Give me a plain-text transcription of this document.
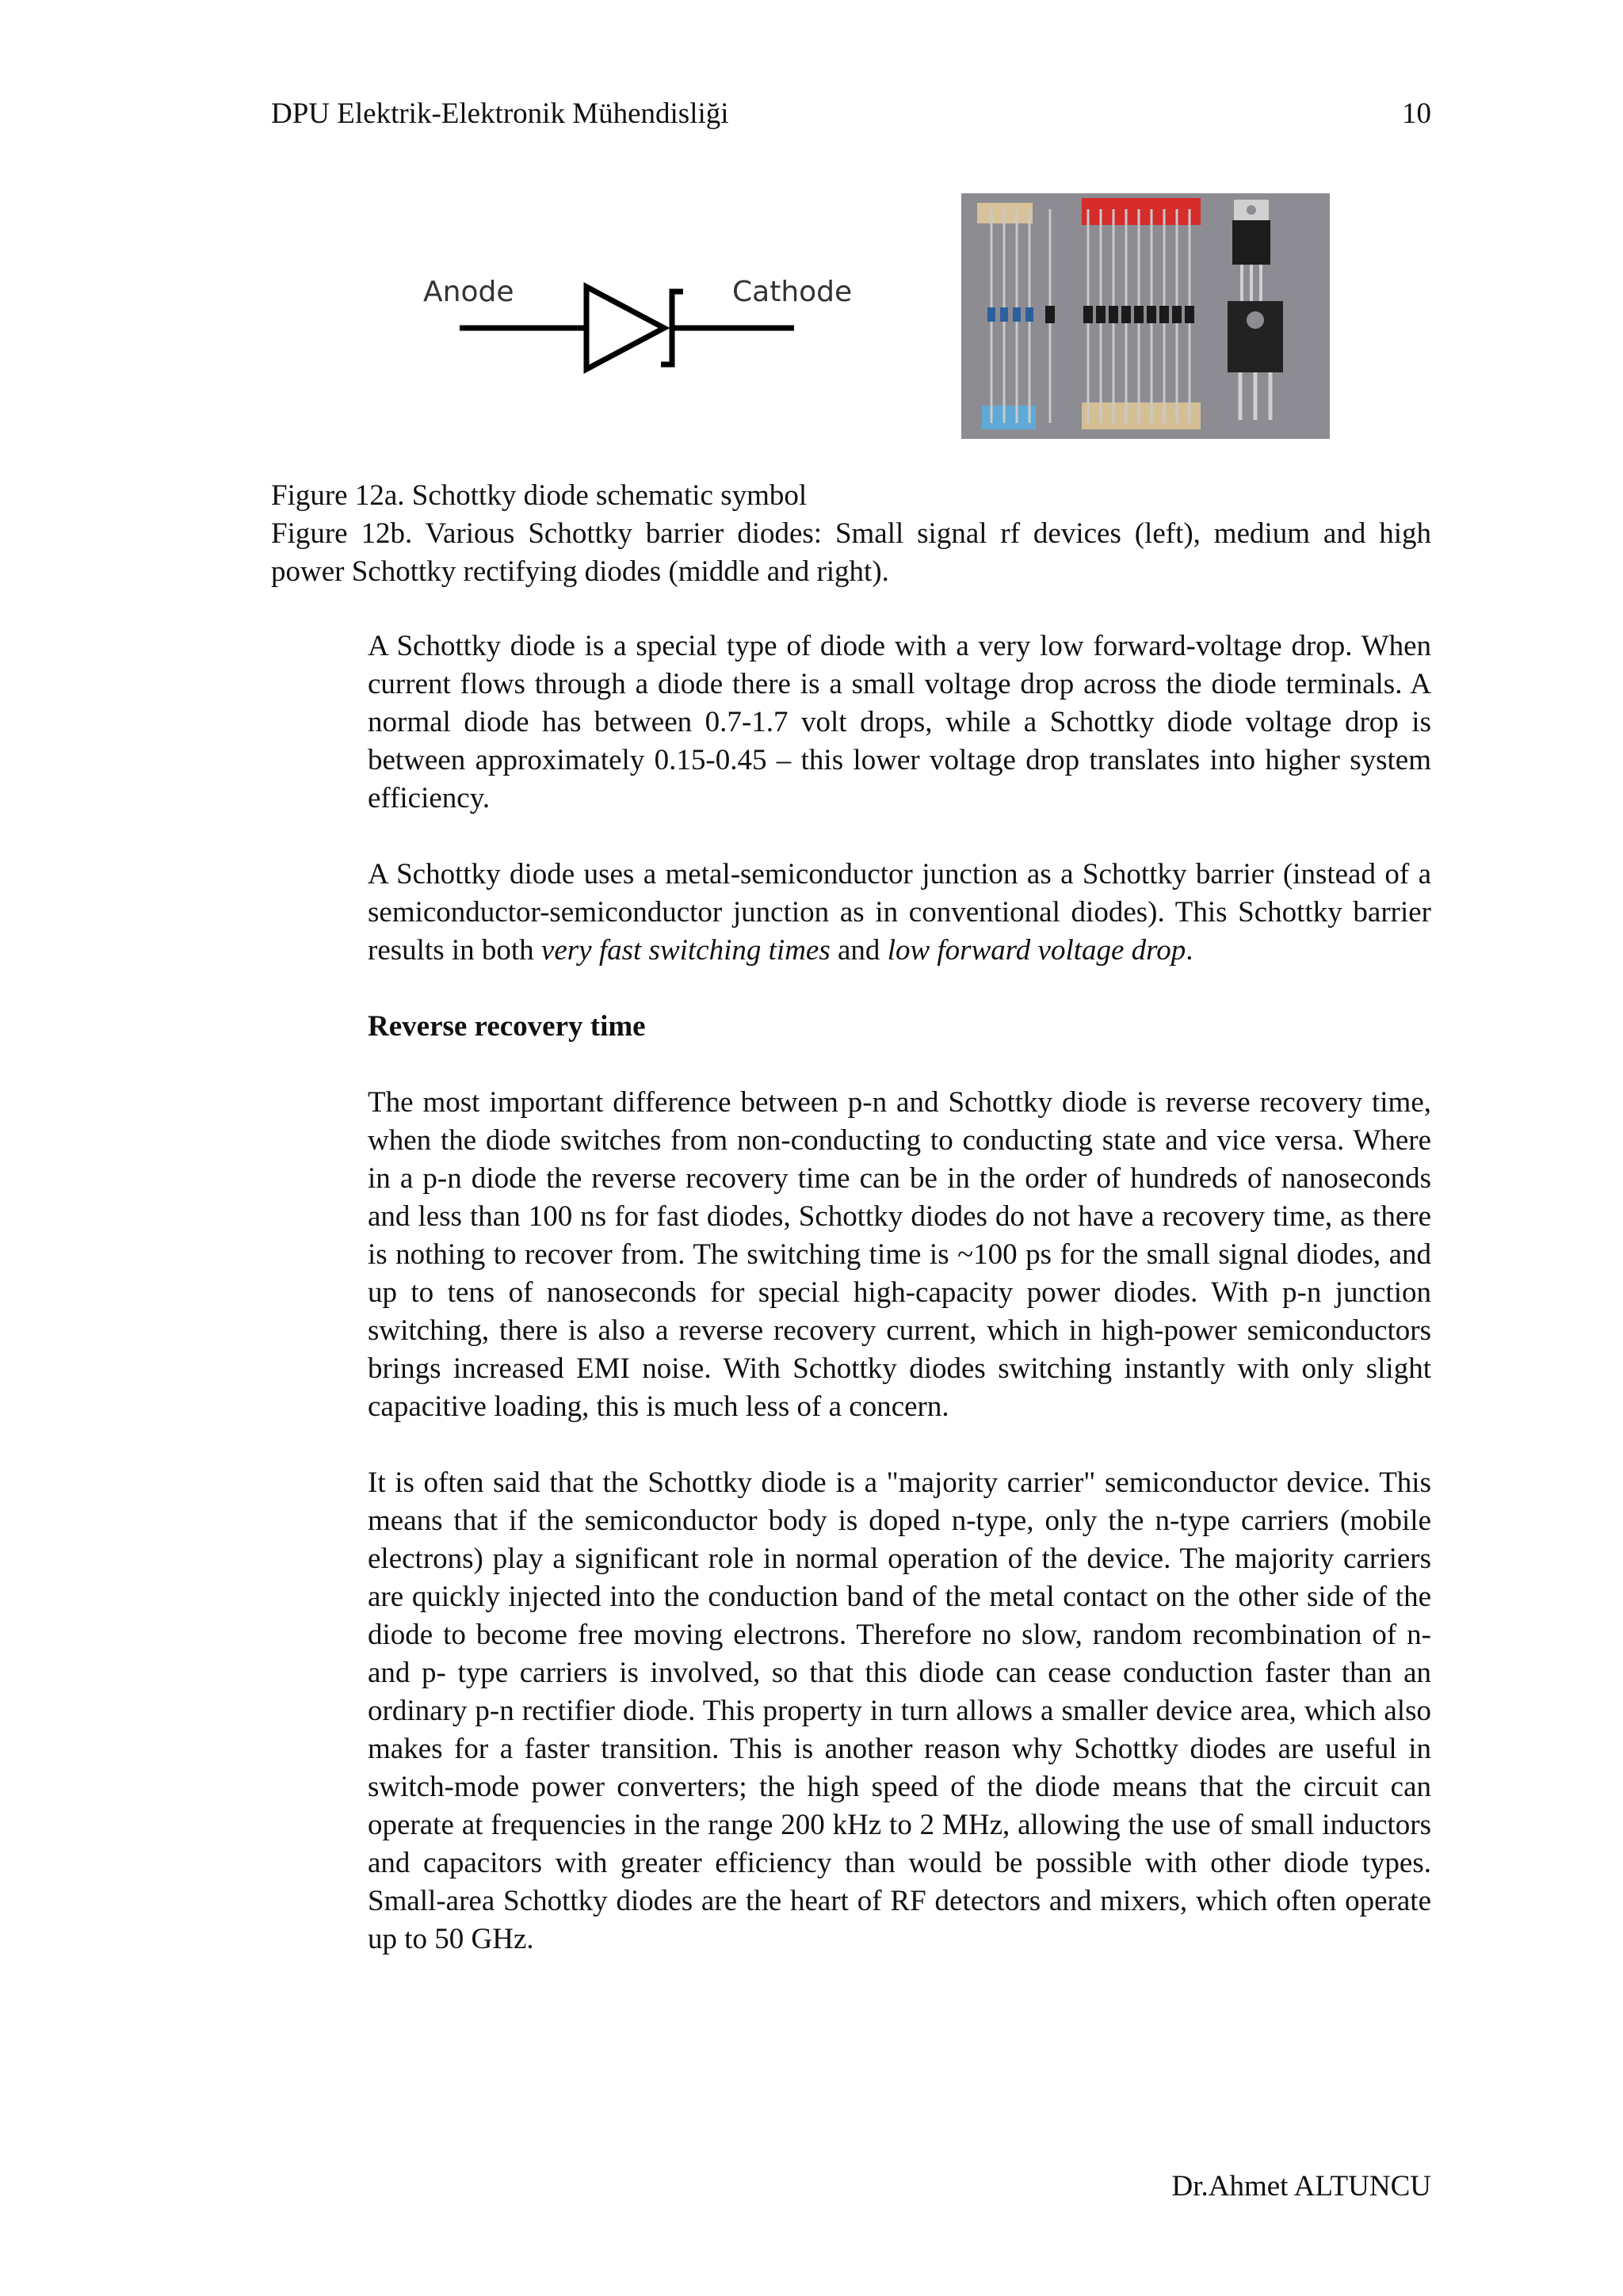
DPU Elektrik-Elektronik Mühendisliği	10
Anode	Cathode

Figure 12a. Schottky diode schematic symbol

Figure 12b. Various Schottky barrier diodes: Small signal rf devices (left), medium and high power Schottky rectifying diodes (middle and right).

A Schottky diode is a special type of diode with a very low forward-voltage drop. When current flows through a diode there is a small voltage drop across the diode terminals. A normal diode has between 0.7-1.7 volt drops, while a Schottky diode voltage drop is between approximately 0.15-0.45 – this lower voltage drop translates into higher system efficiency.

A Schottky diode uses a metal-semiconductor junction as a Schottky barrier (instead of a semiconductor-semiconductor junction as in conventional diodes). This Schottky barrier results in both very fast switching times and low forward voltage drop.

Reverse recovery time

The most important difference between p-n and Schottky diode is reverse recovery time, when the diode switches from non-conducting to conducting state and vice versa. Where in a p-n diode the reverse recovery time can be in the order of hundreds of nanoseconds and less than 100 ns for fast diodes, Schottky diodes do not have a recovery time, as there is nothing to recover from. The switching time is ~100 ps for the small signal diodes, and up to tens of nanoseconds for special high-capacity power diodes. With p-n junction switching, there is also a reverse recovery current, which in high-power semiconductors brings increased EMI noise. With Schottky diodes switching instantly with only slight capacitive loading, this is much less of a concern.

It is often said that the Schottky diode is a "majority carrier" semiconductor device. This means that if the semiconductor body is doped n-type, only the n-type carriers (mobile electrons) play a significant role in normal operation of the device. The majority carriers are quickly injected into the conduction band of the metal contact on the other side of the diode to become free moving electrons. Therefore no slow, random recombination of n- and p- type carriers is involved, so that this diode can cease conduction faster than an ordinary p-n rectifier diode. This property in turn allows a smaller device area, which also makes for a faster transition. This is another reason why Schottky diodes are useful in switch-mode power converters; the high speed of the diode means that the circuit can operate at frequencies in the range 200 kHz to 2 MHz, allowing the use of small inductors and capacitors with greater efficiency than would be possible with other diode types. Small-area Schottky diodes are the heart of RF detectors and mixers, which often operate up to 50 GHz.

Dr.Ahmet ALTUNCU
